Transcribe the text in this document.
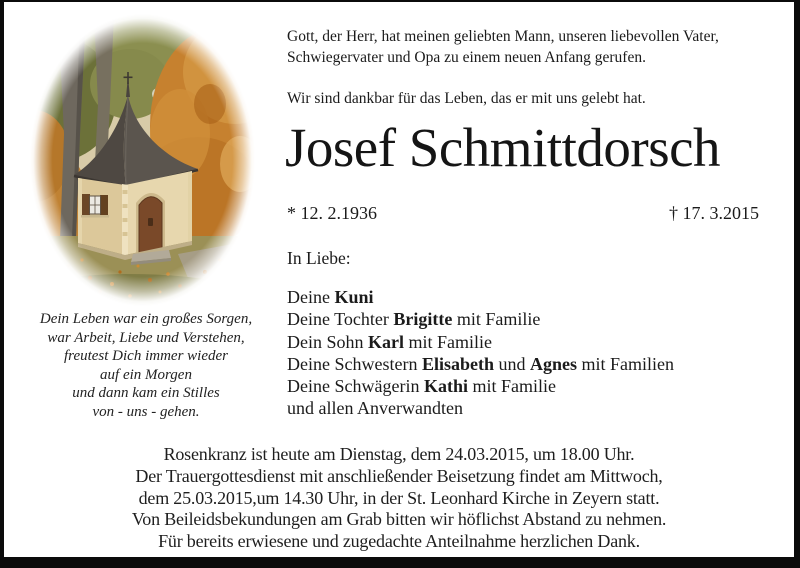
Dein Leben war ein großes Sorgen,
war Arbeit, Liebe und Verstehen,
freutest Dich immer wieder
auf ein Morgen
und dann kam ein Stilles
von - uns - gehen.
Gott, der Herr, hat meinen geliebten Mann, unseren liebevollen Vater,
Schwiegervater und Opa zu einem neuen Anfang gerufen.
Wir sind dankbar für das Leben, das er mit uns gelebt hat.
Josef Schmittdorsch
* 12. 2.1936	† 17. 3.2015
In Liebe:
Deine Kuni
Deine Tochter Brigitte mit Familie
Dein Sohn Karl mit Familie
Deine Schwestern Elisabeth und Agnes mit Familien
Deine Schwägerin Kathi mit Familie
und allen Anverwandten
Rosenkranz ist heute am Dienstag, dem 24.03.2015, um 18.00 Uhr.
Der Trauergottesdienst mit anschließender Beisetzung findet am Mittwoch,
dem 25.03.2015,um 14.30 Uhr, in der St. Leonhard Kirche in Zeyern statt.
Von Beileidsbekundungen am Grab bitten wir höflichst Abstand zu nehmen.
Für bereits erwiesene und zugedachte Anteilnahme herzlichen Dank.
